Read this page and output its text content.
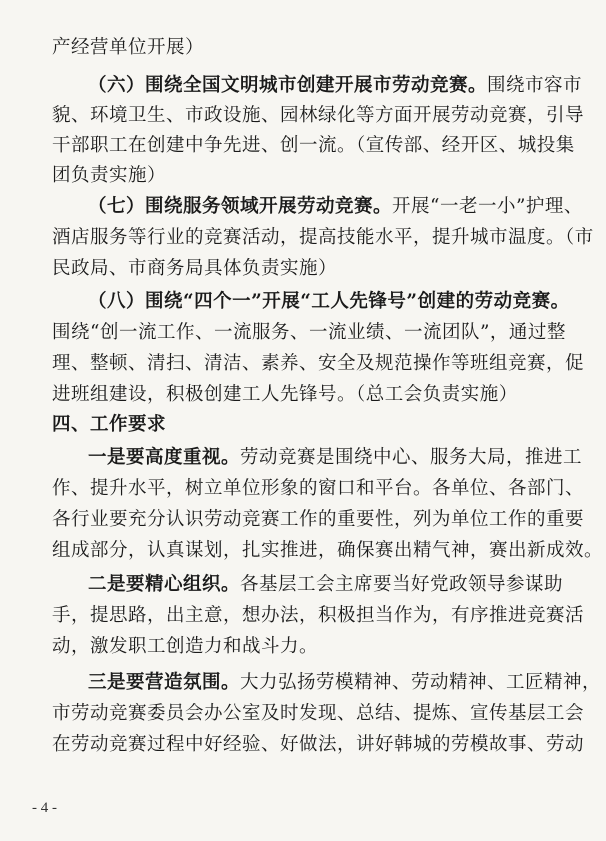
产经营单位开展）
（六）围绕全国文明城市创建开展市劳动竞赛。围绕市容市
貌、环境卫生、市政设施、园林绿化等方面开展劳动竞赛，引导
干部职工在创建中争先进、创一流。（宣传部、经开区、城投集
团负责实施）
（七）围绕服务领域开展劳动竞赛。开展“一老一小”护理、
酒店服务等行业的竞赛活动，提高技能水平，提升城市温度。（市
民政局、市商务局具体负责实施）
（八）围绕“四个一”开展“工人先锋号”创建的劳动竞赛。
围绕“创一流工作、一流服务、一流业绩、一流团队”，通过整
理、整顿、清扫、清洁、素养、安全及规范操作等班组竞赛，促
进班组建设，积极创建工人先锋号。（总工会负责实施）
四、工作要求
一是要高度重视。劳动竞赛是围绕中心、服务大局，推进工
作、提升水平，树立单位形象的窗口和平台。各单位、各部门、
各行业要充分认识劳动竞赛工作的重要性，列为单位工作的重要
组成部分，认真谋划，扎实推进，确保赛出精气神，赛出新成效。
二是要精心组织。各基层工会主席要当好党政领导参谋助
手，提思路，出主意，想办法，积极担当作为，有序推进竞赛活
动，激发职工创造力和战斗力。
三是要营造氛围。大力弘扬劳模精神、劳动精神、工匠精神，
市劳动竞赛委员会办公室及时发现、总结、提炼、宣传基层工会
在劳动竞赛过程中好经验、好做法，讲好韩城的劳模故事、劳动
- 4 -
